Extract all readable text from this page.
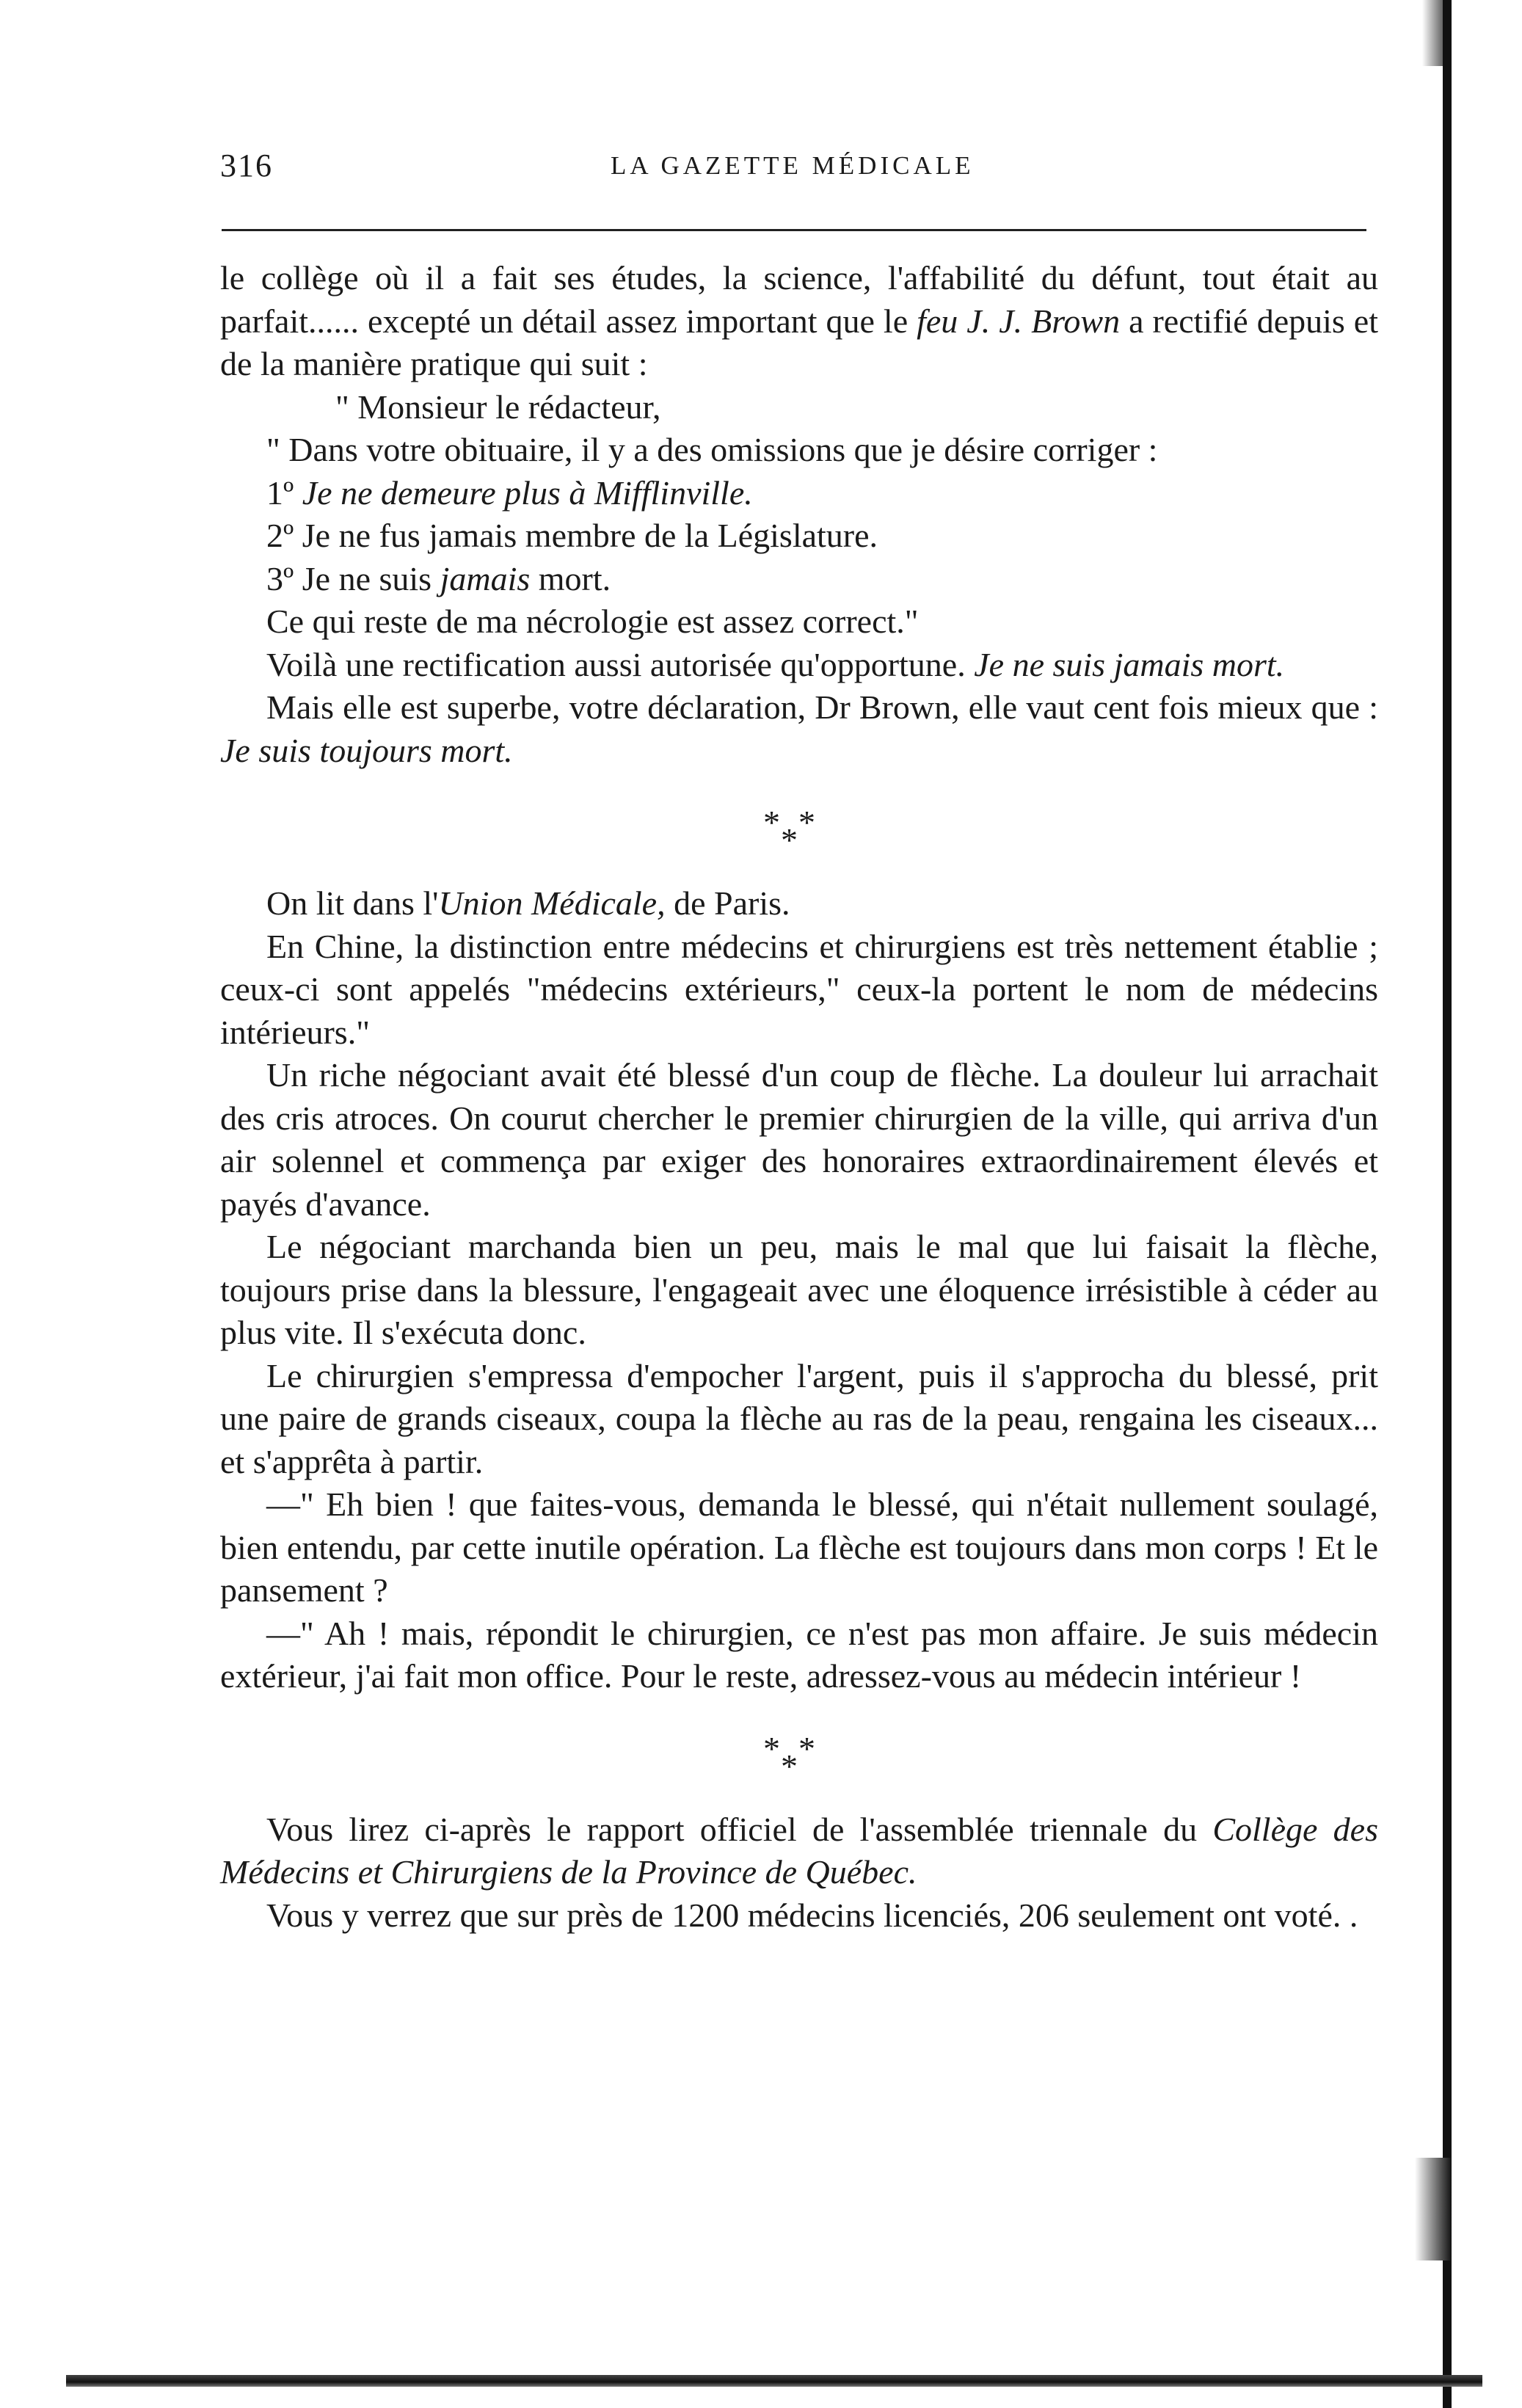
316	LA GAZETTE MÉDICALE

le collège où il a fait ses études, la science, l'affabilité du défunt, tout était au parfait...... excepté un détail assez important que le feu J. J. Brown a rectifié depuis et de la manière pratique qui suit :

" Monsieur le rédacteur,
" Dans votre obituaire, il y a des omissions que je désire corriger :
1º Je ne demeure plus à Mifflinville.
2º Je ne fus jamais membre de la Législature.
3º Je ne suis jamais mort.
Ce qui reste de ma nécrologie est assez correct."

Voilà une rectification aussi autorisée qu'opportune. Je ne suis jamais mort.

Mais elle est superbe, votre déclaration, Dr Brown, elle vaut cent fois mieux que : Je suis toujours mort.

* *
*

On lit dans l'Union Médicale, de Paris.

En Chine, la distinction entre médecins et chirurgiens est très nettement établie ; ceux-ci sont appelés "médecins extérieurs," ceux-la portent le nom de médecins intérieurs."

Un riche négociant avait été blessé d'un coup de flèche. La douleur lui arrachait des cris atroces. On courut chercher le premier chirurgien de la ville, qui arriva d'un air solennel et commença par exiger des honoraires extraordinairement élevés et payés d'avance.

Le négociant marchanda bien un peu, mais le mal que lui faisait la flèche, toujours prise dans la blessure, l'engageait avec une éloquence irrésistible à céder au plus vite. Il s'exécuta donc.

Le chirurgien s'empressa d'empocher l'argent, puis il s'approcha du blessé, prit une paire de grands ciseaux, coupa la flèche au ras de la peau, rengaina les ciseaux... et s'apprêta à partir.

—" Eh bien ! que faites-vous, demanda le blessé, qui n'était nullement soulagé, bien entendu, par cette inutile opération. La flèche est toujours dans mon corps ! Et le pansement ?

—" Ah ! mais, répondit le chirurgien, ce n'est pas mon affaire. Je suis médecin extérieur, j'ai fait mon office. Pour le reste, adressez-vous au médecin intérieur !

* *
*

Vous lirez ci-après le rapport officiel de l'assemblée triennale du Collège des Médecins et Chirurgiens de la Province de Québec.

Vous y verrez que sur près de 1200 médecins licenciés, 206 seulement ont voté. .
